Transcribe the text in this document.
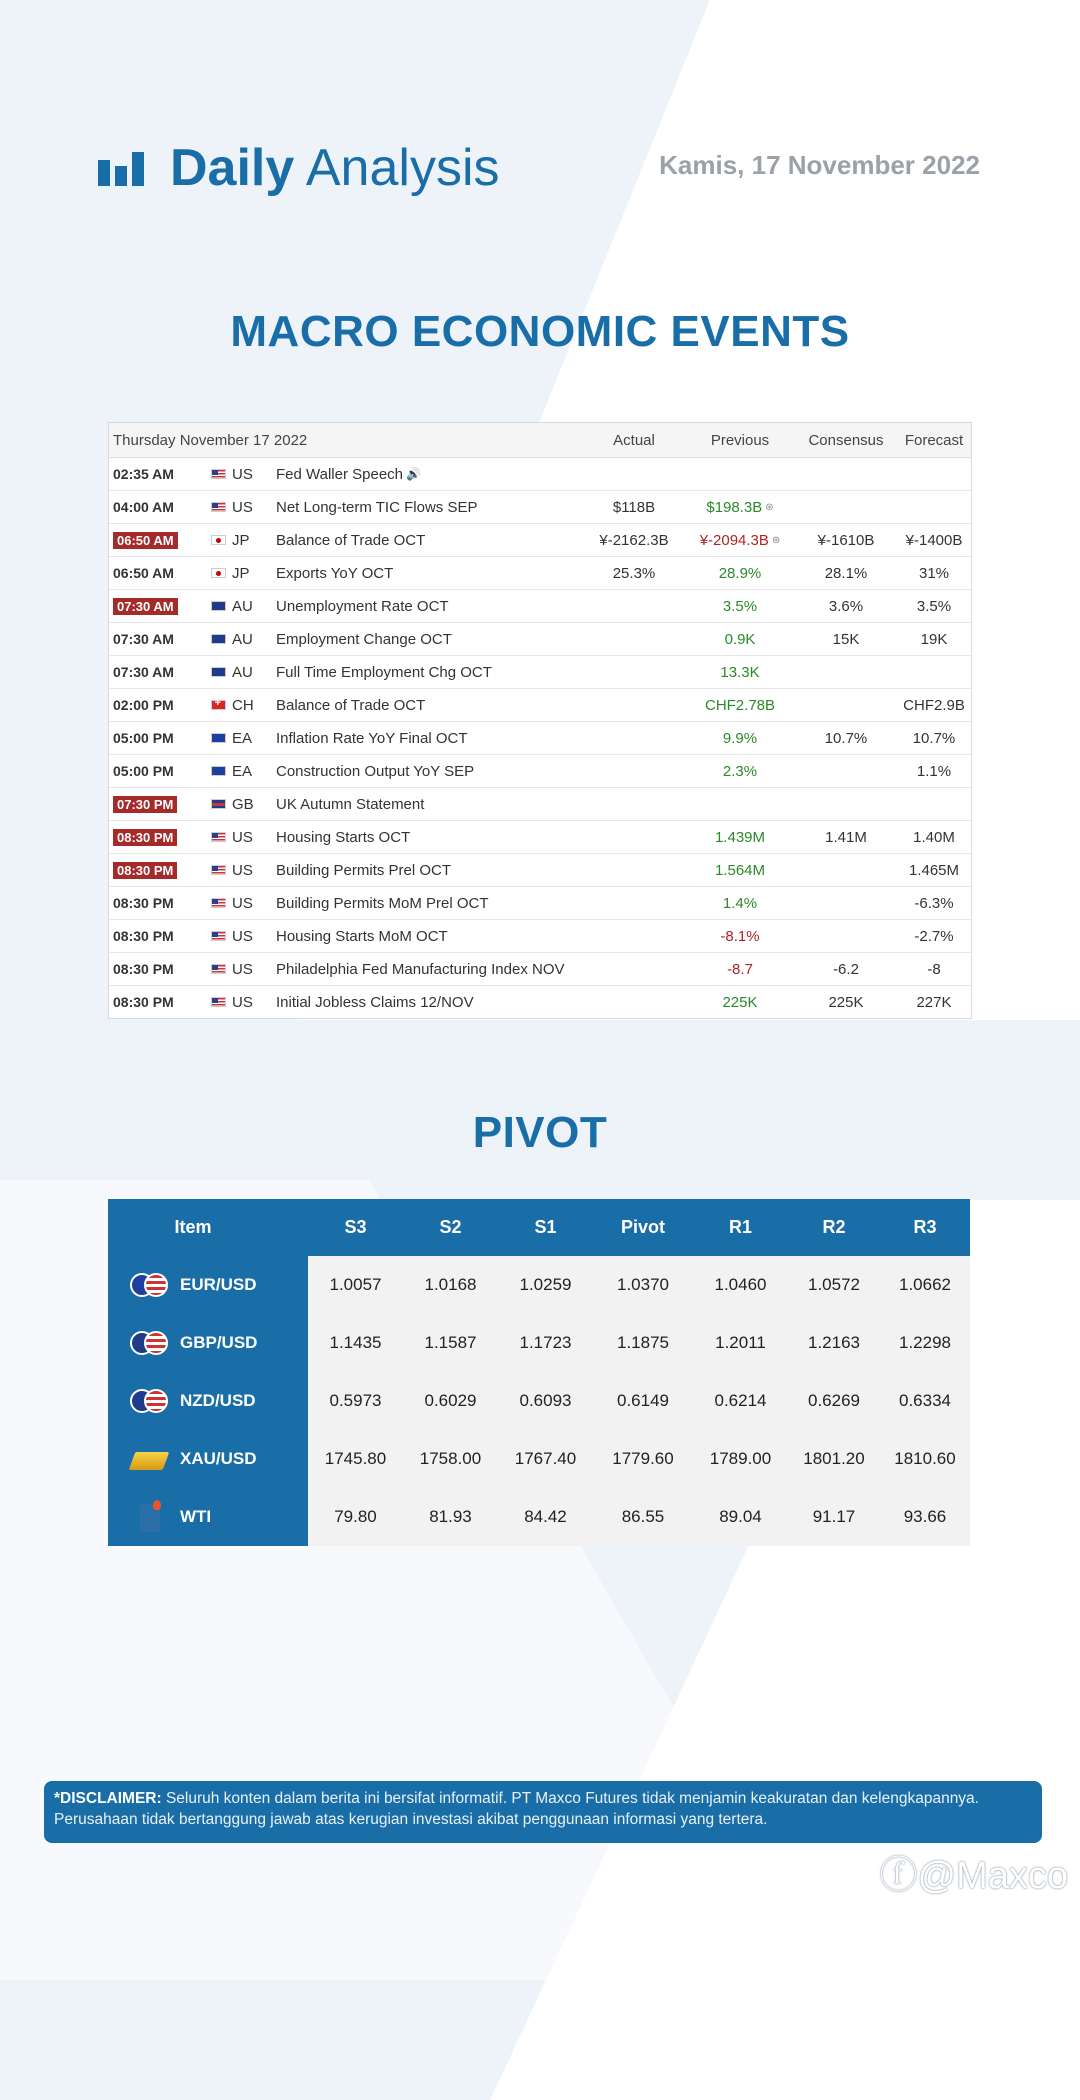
Daily Analysis	Kamis, 17 November 2022
MACRO ECONOMIC EVENTS
Thursday November 17 2022	Actual	Previous	Consensus	Forecast
02:35 AM	US	Fed Waller Speech 🔊
04:00 AM	US	Net Long-term TIC Flows SEP	$118B	$198.3B ⊛
06:50 AM	JP	Balance of Trade OCT	¥-2162.3B	¥-2094.3B ⊛	¥-1610B	¥-1400B
06:50 AM	JP	Exports YoY OCT	25.3%	28.9%	28.1%	31%
07:30 AM	AU	Unemployment Rate OCT	3.5%	3.6%	3.5%
07:30 AM	AU	Employment Change OCT	0.9K	15K	19K
07:30 AM	AU	Full Time Employment Chg OCT	13.3K
02:00 PM
+	CH	Balance of Trade OCT	CHF2.78B	CHF2.9B
05:00 PM	EA	Inflation Rate YoY Final OCT	9.9%	10.7%	10.7%
05:00 PM	EA	Construction Output YoY SEP	2.3%	1.1%
07:30 PM	GB	UK Autumn Statement
08:30 PM	US	Housing Starts OCT	1.439M	1.41M	1.40M
08:30 PM	US	Building Permits Prel OCT	1.564M	1.465M
08:30 PM	US	Building Permits MoM Prel OCT	1.4%	-6.3%
08:30 PM	US	Housing Starts MoM OCT	-8.1%	-2.7%
08:30 PM	US	Philadelphia Fed Manufacturing Index NOV	-8.7	-6.2	-8
08:30 PM	US	Initial Jobless Claims 12/NOV	225K	225K	227K
PIVOT
Item	S3	S2	S1	Pivot	R1	R2	R3
EUR/USD	1.0057	1.0168	1.0259	1.0370	1.0460	1.0572	1.0662
GBP/USD	1.1435	1.1587	1.1723	1.1875	1.2011	1.2163	1.2298
NZD/USD	0.5973	0.6029	0.6093	0.6149	0.6214	0.6269	0.6334
XAU/USD	1745.80	1758.00	1767.40	1779.60	1789.00	1801.20	1810.60
WTI	79.80	81.93	84.42	86.55	89.04	91.17	93.66
*DISCLAIMER: Seluruh konten dalam berita ini bersifat informatif. PT Maxco Futures tidak menjamin keakuratan dan kelengkapannya. Perusahaan tidak bertanggung jawab atas kerugian investasi akibat penggunaan informasi yang tertera.
ⓕ@Maxco
